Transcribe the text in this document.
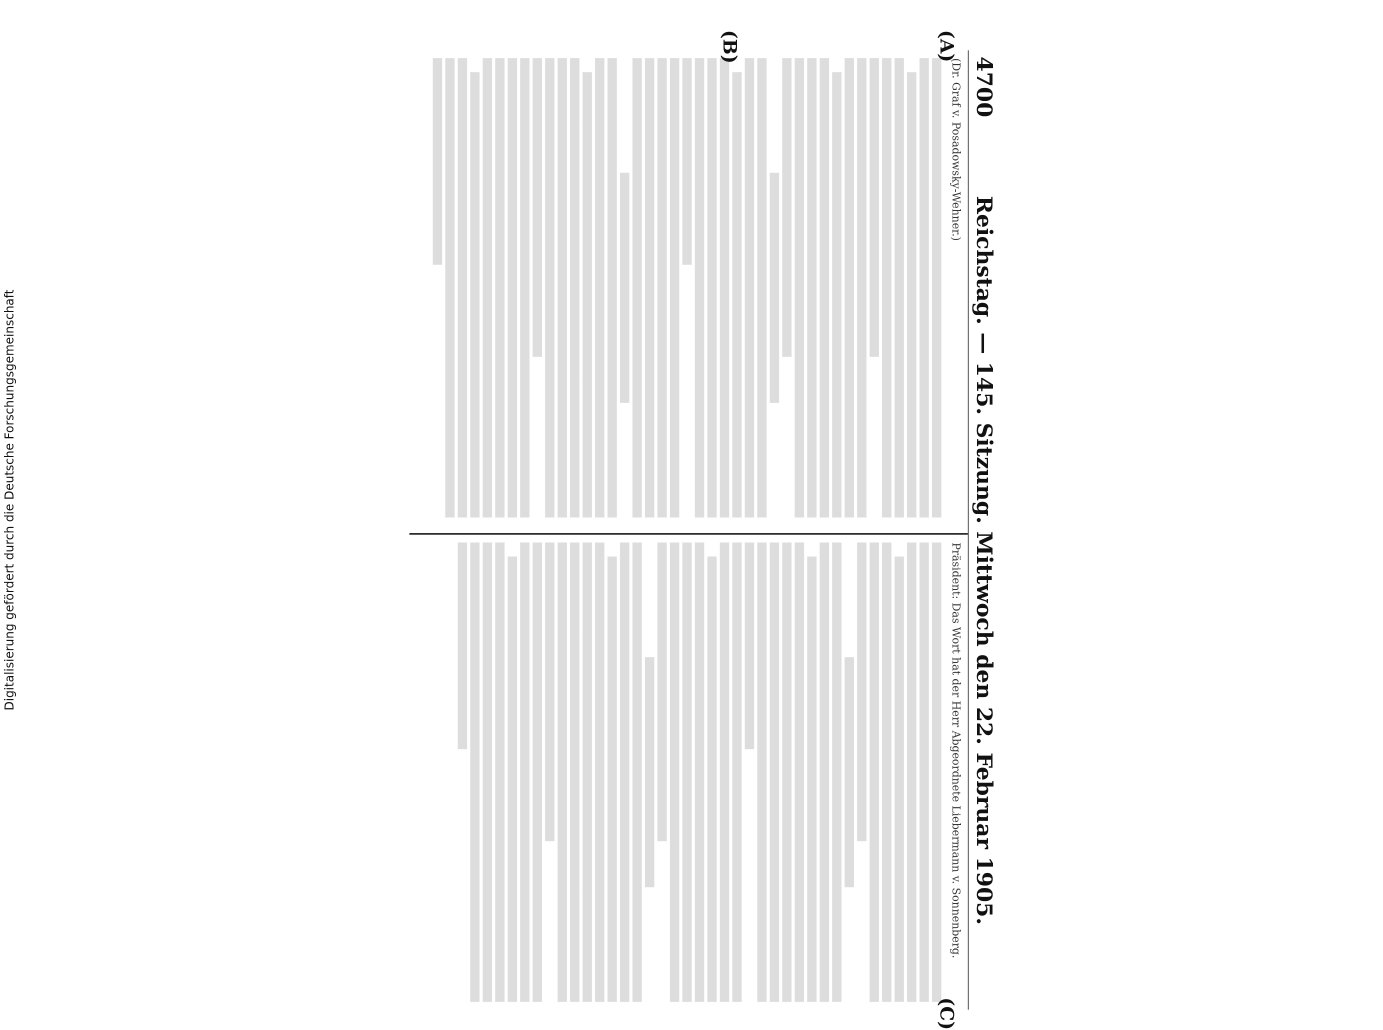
Digitalisierung gefördert durch die Deutsche Forschungsgemeinschaft
4700
Reichstag. — 145. Sitzung. Mittwoch den 22. Februar 1905.
(A)
(B)
(Dr. Graf v. Posadowsky-Wehner.)
(C)
Präsident: Das Wort hat der Herr Abgeordnete Liebermann v. Sonnenberg.
